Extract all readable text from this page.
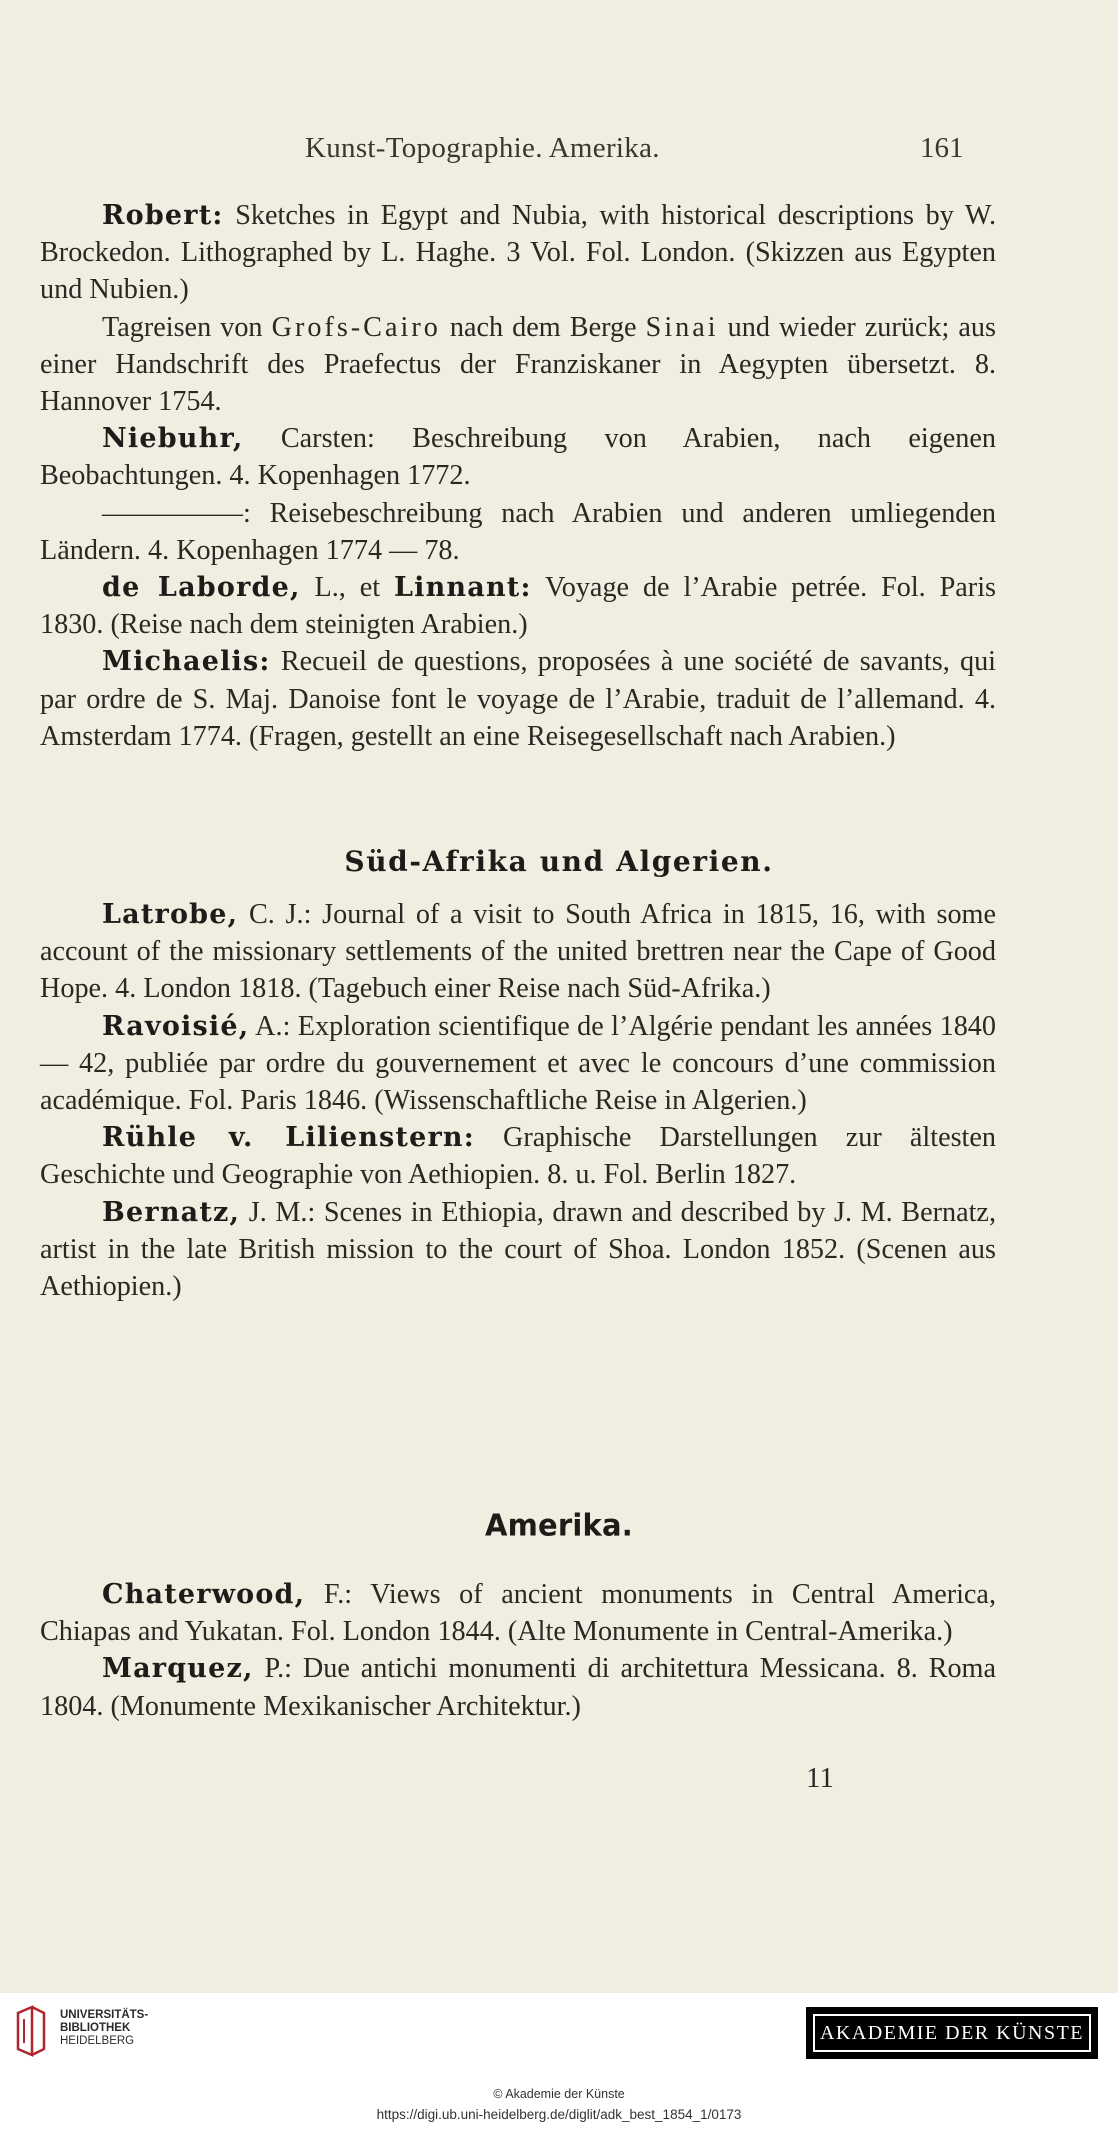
Kunst-Topographie. Amerika.	161

Robert: Sketches in Egypt and Nubia, with historical descriptions by W. Brockedon. Lithographed by L. Haghe. 3 Vol. Fol. London. (Skizzen aus Egypten und Nubien.)

Tagreisen von Grofs-Cairo nach dem Berge Sinai und wieder zurück; aus einer Handschrift des Praefectus der Franziskaner in Aegypten übersetzt. 8. Hannover 1754.

Niebuhr, Carsten: Beschreibung von Arabien, nach eigenen Beobachtungen. 4. Kopenhagen 1772.

―――――: Reisebeschreibung nach Arabien und anderen umliegenden Ländern. 4. Kopenhagen 1774 — 78.

de Laborde, L., et Linnant: Voyage de l’Arabie petrée. Fol. Paris 1830. (Reise nach dem steinigten Arabien.)

Michaelis: Recueil de questions, proposées à une société de savants, qui par ordre de S. Maj. Danoise font le voyage de l’Arabie, traduit de l’allemand. 4. Amsterdam 1774. (Fragen, gestellt an eine Reisegesellschaft nach Arabien.)

Süd-Afrika und Algerien.

Latrobe, C. J.: Journal of a visit to South Africa in 1815, 16, with some account of the missionary settlements of the united brettren near the Cape of Good Hope. 4. London 1818. (Tagebuch einer Reise nach Süd-Afrika.)

Ravoisié, A.: Exploration scientifique de l’Algérie pendant les années 1840 — 42, publiée par ordre du gouvernement et avec le concours d’une commission académique. Fol. Paris 1846. (Wissenschaftliche Reise in Algerien.)

Rühle v. Lilienstern: Graphische Darstellungen zur ältesten Geschichte und Geographie von Aethiopien. 8. u. Fol. Berlin 1827.

Bernatz, J. M.: Scenes in Ethiopia, drawn and described by J. M. Bernatz, artist in the late British mission to the court of Shoa. London 1852. (Scenen aus Aethiopien.)

Amerika.

Chaterwood, F.: Views of ancient monuments in Central America, Chiapas and Yukatan. Fol. London 1844. (Alte Monumente in Central-Amerika.)

Marquez, P.: Due antichi monumenti di architettura Messicana. 8. Roma 1804. (Monumente Mexikanischer Architektur.)

11
UNIVERSITÄTS-
BIBLIOTHEK
HEIDELBERG	AKADEMIE DER KÜNSTE
© Akademie der Künste
https://digi.ub.uni-heidelberg.de/diglit/adk_best_1854_1/0173
